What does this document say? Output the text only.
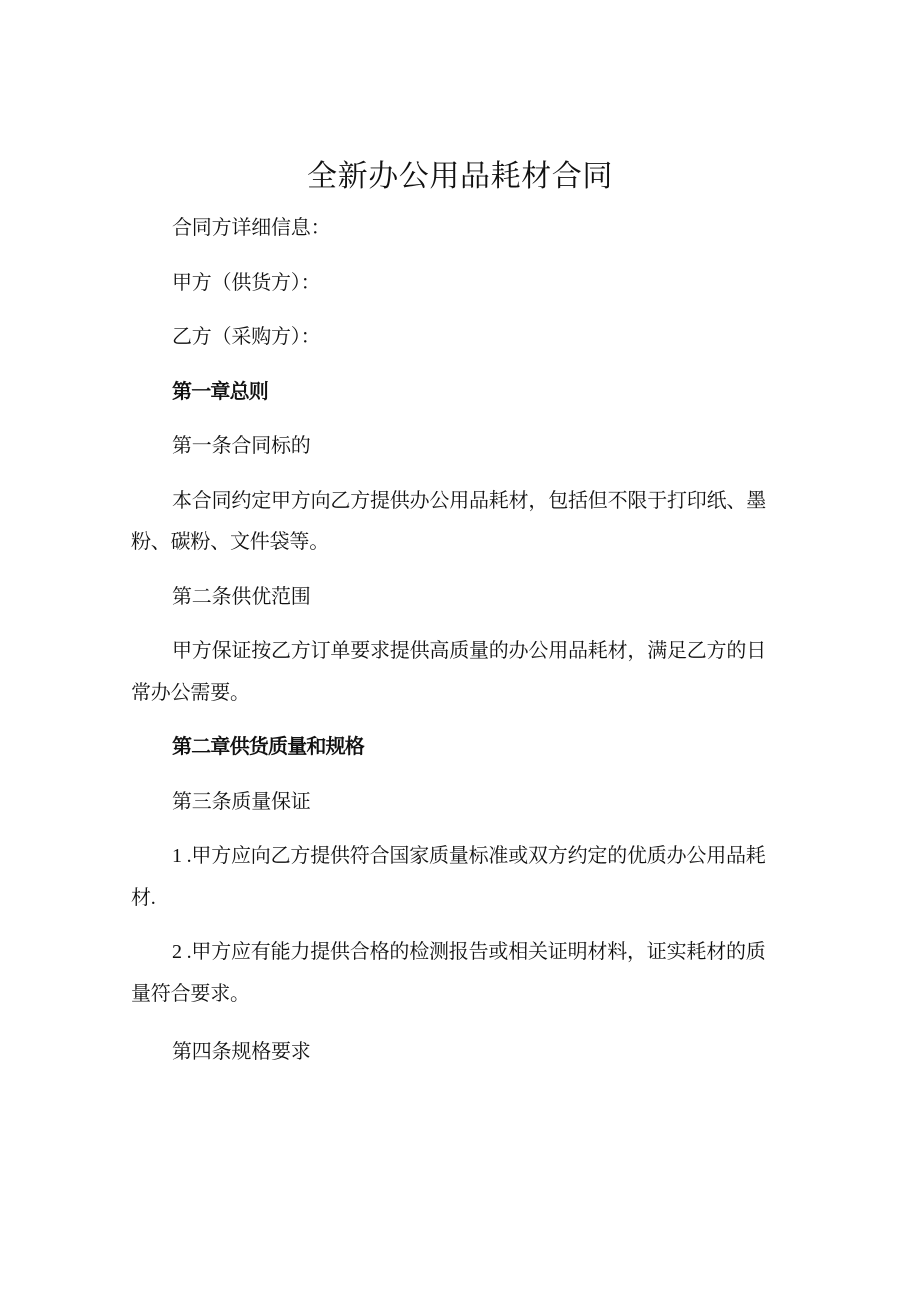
全新办公用品耗材合同

合同方详细信息：

甲方（供货方）：

乙方（采购方）：

第一章总则

第一条合同标的

本合同约定甲方向乙方提供办公用品耗材，包括但不限于打印纸、墨
粉、碳粉、文件袋等。

第二条供优范围

甲方保证按乙方订单要求提供高质量的办公用品耗材，满足乙方的日
常办公需要。

第二章供货质量和规格

第三条质量保证

1 .甲方应向乙方提供符合国家质量标准或双方约定的优质办公用品耗
材.

2 .甲方应有能力提供合格的检测报告或相关证明材料，证实耗材的质
量符合要求。

第四条规格要求
